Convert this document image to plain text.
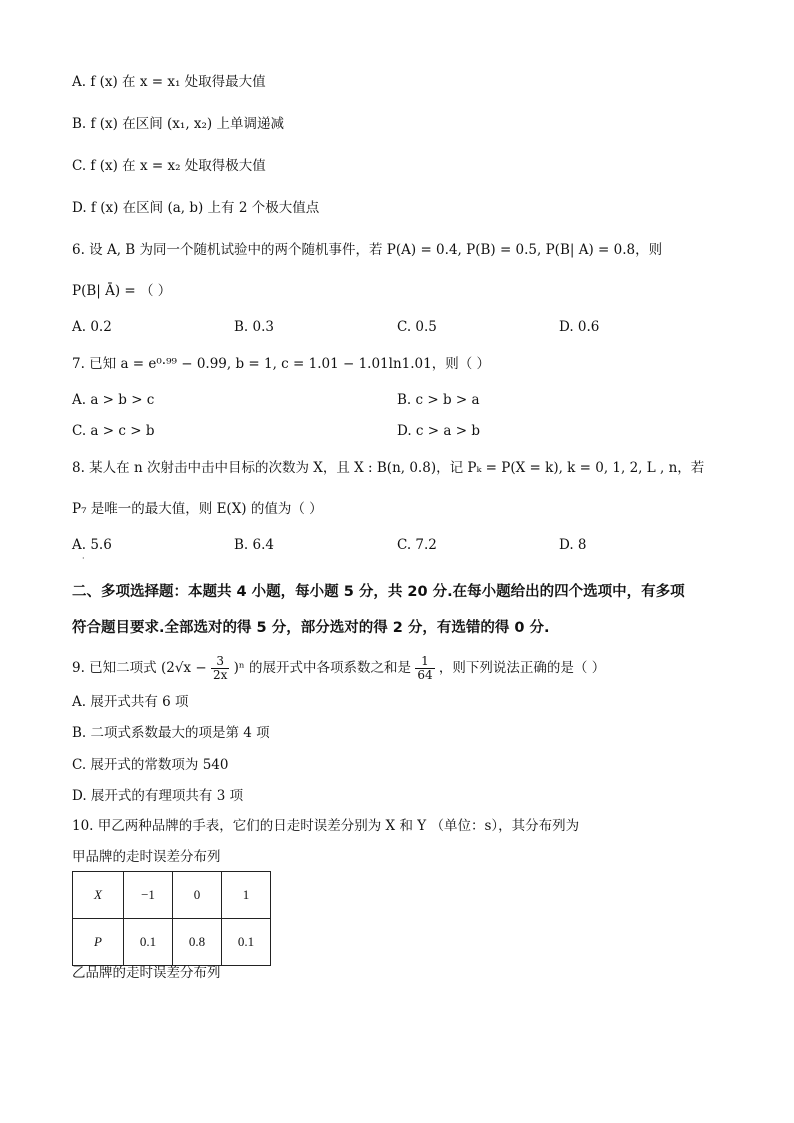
A. f (x) 在 x = x₁ 处取得最大值
B. f (x) 在区间 (x₁, x₂) 上单调递减
C. f (x) 在 x = x₂ 处取得极大值
D. f (x) 在区间 (a, b) 上有 2 个极大值点
6. 设 A, B 为同一个随机试验中的两个随机事件，若 P(A) = 0.4, P(B) = 0.5, P(B| A) = 0.8，则
P(B| Ā) = （ ）
A. 0.2	B. 0.3	C. 0.5	D. 0.6
7. 已知 a = e⁰·⁹⁹ − 0.99, b = 1, c = 1.01 − 1.01ln1.01，则（ ）
A. a > b > c	B. c > b > a
C. a > c > b	D. c > a > b
8. 某人在 n 次射击中击中目标的次数为 X，且 X : B(n, 0.8)，记 Pₖ = P(X = k), k = 0, 1, 2, L , n，若
P₇ 是唯一的最大值，则 E(X) 的值为（ ）
A. 5.6	B. 6.4	C. 7.2	D. 8
·
二、多项选择题：本题共 4 小题，每小题 5 分，共 20 分.在每小题给出的四个选项中，有多项
符合题目要求.全部选对的得 5 分，部分选对的得 2 分，有选错的得 0 分.
9. 已知二项式 $(2√x - \frac{3}{2x} )^n$ 的展开式中各项系数之和是 $\frac{1}{64}$ ，则下列说法正确的是（ ）
A. 展开式共有 6 项
B. 二项式系数最大的项是第 4 项
C. 展开式的常数项为 540
D. 展开式的有理项共有 3 项
10. 甲乙两种品牌的手表，它们的日走时误差分别为 X 和 Y （单位：s），其分布列为
甲品牌的走时误差分布列
X	−1	0	1
P	0.1	0.8	0.1
乙品牌的走时误差分布列
